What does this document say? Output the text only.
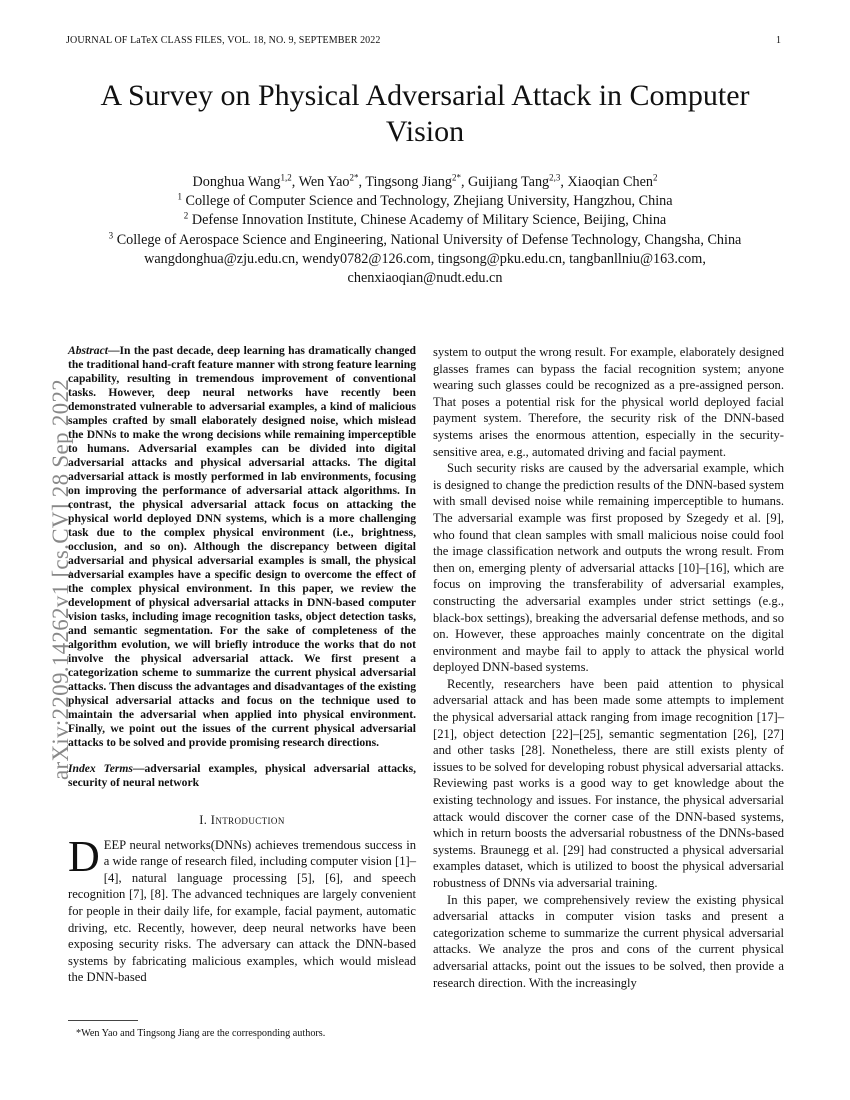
JOURNAL OF LaTeX CLASS FILES, VOL. 18, NO. 9, SEPTEMBER 2022	1
arXiv:2209.14262v1 [cs.CV] 28 Sep 2022
A Survey on Physical Adversarial Attack in Computer Vision
Donghua Wang$^{1,2}$, Wen Yao$^{2*}$, Tingsong Jiang$^{2*}$, Guijiang Tang$^{2,3}$, Xiaoqian Chen$^2$
$^1$ College of Computer Science and Technology, Zhejiang University, Hangzhou, China
$^2$ Defense Innovation Institute, Chinese Academy of Military Science, Beijing, China
$^3$ College of Aerospace Science and Engineering, National University of Defense Technology, Changsha, China
wangdonghua@zju.edu.cn, wendy0782@126.com, tingsong@pku.edu.cn, tangbanllniu@163.com,
chenxiaoqian@nudt.edu.cn
Abstract—In the past decade, deep learning has dramatically changed the traditional hand-craft feature manner with strong feature learning capability, resulting in tremendous improvement of conventional tasks. However, deep neural networks have recently been demonstrated vulnerable to adversarial examples, a kind of malicious samples crafted by small elaborately designed noise, which mislead the DNNs to make the wrong decisions while remaining imperceptible to humans. Adversarial examples can be divided into digital adversarial attacks and physical adversarial attacks. The digital adversarial attack is mostly performed in lab environments, focusing on improving the performance of adversarial attack algorithms. In contrast, the physical adversarial attack focus on attacking the physical world deployed DNN systems, which is a more challenging task due to the complex physical environment (i.e., brightness, occlusion, and so on). Although the discrepancy between digital adversarial and physical adversarial examples is small, the physical adversarial examples have a specific design to overcome the effect of the complex physical environment. In this paper, we review the development of physical adversarial attacks in DNN-based computer vision tasks, including image recognition tasks, object detection tasks, and semantic segmentation. For the sake of completeness of the algorithm evolution, we will briefly introduce the works that do not involve the physical adversarial attack. We first present a categorization scheme to summarize the current physical adversarial attacks. Then discuss the advantages and disadvantages of the existing physical adversarial attacks and focus on the technique used to maintain the adversarial when applied into physical environment. Finally, we point out the issues of the current physical adversarial attacks to be solved and provide promising research directions.
Index Terms—adversarial examples, physical adversarial attacks, security of neural network
I. Introduction

DEEP neural networks(DNNs) achieves tremendous success in a wide range of research filed, including computer vision [1]–[4], natural language processing [5], [6], and speech recognition [7], [8]. The advanced techniques are largely convenient for people in their daily life, for example, facial payment, automatic driving, etc. Recently, however, deep neural networks have been exposing security risks. The adversary can attack the DNN-based systems by fabricating malicious examples, which would mislead the DNN-based

system to output the wrong result. For example, elaborately designed glasses frames can bypass the facial recognition system; anyone wearing such glasses could be recognized as a pre-assigned person. That poses a potential risk for the physical world deployed facial payment system. Therefore, the security risk of the DNN-based systems arises the enormous attention, especially in the security-sensitive area, e.g., automated driving and facial payment.

Such security risks are caused by the adversarial example, which is designed to change the prediction results of the DNN-based system with small devised noise while remaining imperceptible to humans. The adversarial example was first proposed by Szegedy et al. [9], who found that clean samples with small malicious noise could fool the image classification network and outputs the wrong result. From then on, emerging plenty of adversarial attacks [10]–[16], which are focus on improving the transferability of adversarial examples, constructing the adversarial examples under strict settings (e.g., black-box settings), breaking the adversarial defense methods, and so on. However, these approaches mainly concentrate on the digital environment and maybe fail to apply to attack the physical world deployed DNN-based systems.

Recently, researchers have been paid attention to physical adversarial attack and has been made some attempts to implement the physical adversarial attack ranging from image recognition [17]–[21], object detection [22]–[25], semantic segmentation [26], [27] and other tasks [28]. Nonetheless, there are still exists plenty of issues to be solved for developing robust physical adversarial attacks. Reviewing past works is a good way to get knowledge about the existing technology and issues. For instance, the physical adversarial attack would discover the corner case of the DNN-based systems, which in return boosts the adversarial robustness of the DNNs-based systems. Braunegg et al. [29] had constructed a physical adversarial examples dataset, which is utilized to boost the physical adversarial robustness of DNNs via adversarial training.

In this paper, we comprehensively review the existing physical adversarial attacks in computer vision tasks and present a categorization scheme to summarize the current physical adversarial attacks. We analyze the pros and cons of the current physical adversarial attacks, point out the issues to be solved, then provide a research direction. With the increasingly

*Wen Yao and Tingsong Jiang are the corresponding authors.
